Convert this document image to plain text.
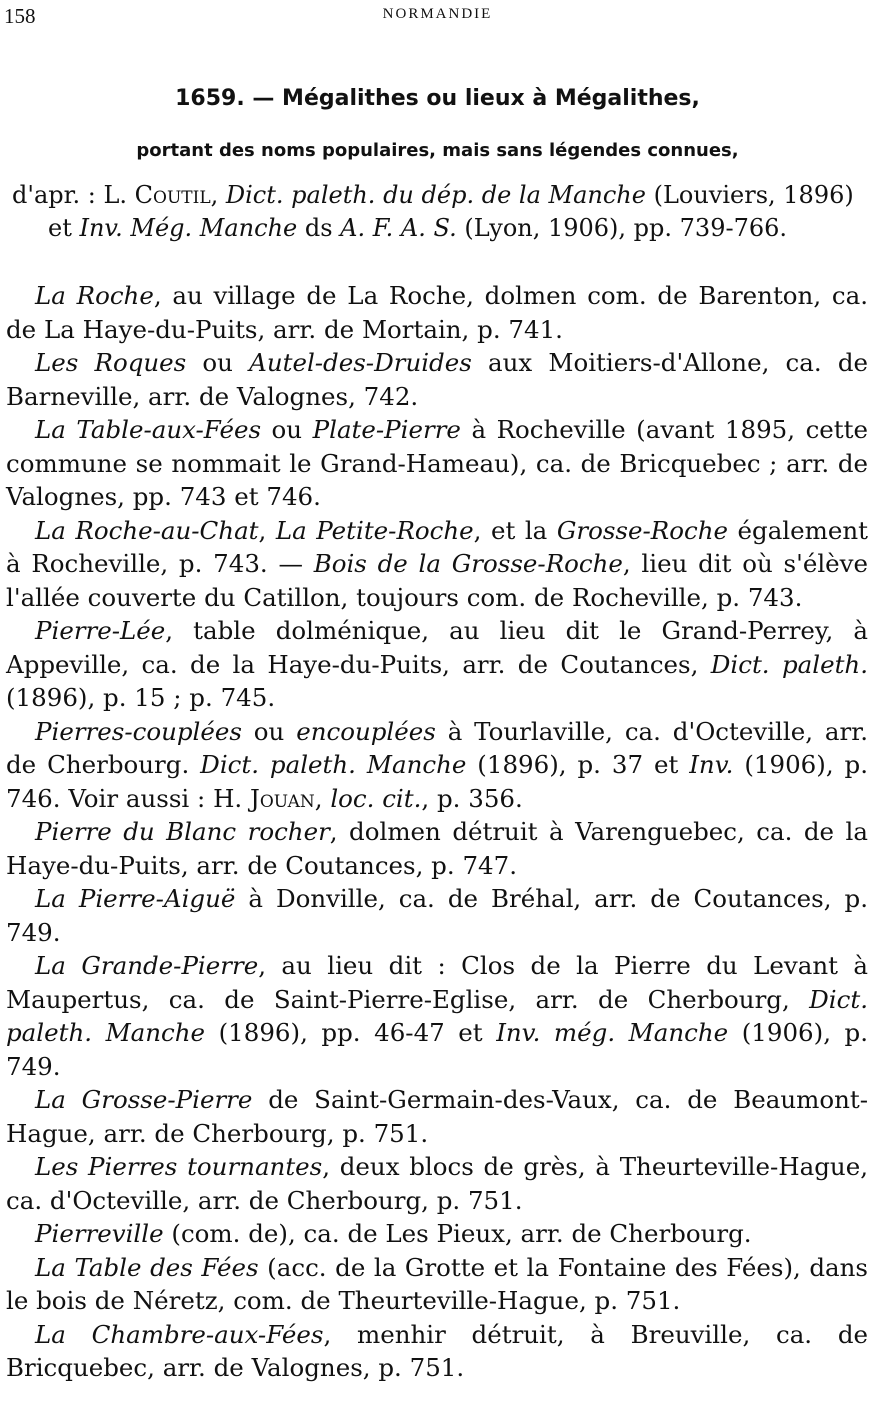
158	NORMANDIE
1659. — Mégalithes ou lieux à Mégalithes,
portant des noms populaires, mais sans légendes connues,
d'apr. : L. Coutil, Dict. paleth. du dép. de la Manche (Louviers, 1896)
et Inv. Még. Manche ds A. F. A. S. (Lyon, 1906), pp. 739-766.

La Roche, au village de La Roche, dolmen com. de Barenton, ca. de La Haye-du-Puits, arr. de Mortain, p. 741.

Les Roques ou Autel-des-Druides aux Moitiers-d'Allone, ca. de Barneville, arr. de Valognes, 742.

La Table-aux-Fées ou Plate-Pierre à Rocheville (avant 1895, cette commune se nommait le Grand-Hameau), ca. de Bricquebec ; arr. de Valognes, pp. 743 et 746.

La Roche-au-Chat, La Petite-Roche, et la Grosse-Roche également à Rocheville, p. 743. — Bois de la Grosse-Roche, lieu dit où s'élève l'allée couverte du Catillon, toujours com. de Rocheville, p. 743.

Pierre-Lée, table dolménique, au lieu dit le Grand-Perrey, à Appeville, ca. de la Haye-du-Puits, arr. de Coutances, Dict. paleth. (1896), p. 15 ; p. 745.

Pierres-couplées ou encouplées à Tourlaville, ca. d'Octeville, arr. de Cherbourg. Dict. paleth. Manche (1896), p. 37 et Inv. (1906), p. 746. Voir aussi : H. Jouan, loc. cit., p. 356.

Pierre du Blanc rocher, dolmen détruit à Varenguebec, ca. de la Haye-du-Puits, arr. de Coutances, p. 747.

La Pierre-Aiguë à Donville, ca. de Bréhal, arr. de Coutances, p. 749.

La Grande-Pierre, au lieu dit : Clos de la Pierre du Levant à Maupertus, ca. de Saint-Pierre-Eglise, arr. de Cherbourg, Dict. paleth. Manche (1896), pp. 46-47 et Inv. még. Manche (1906), p. 749.

La Grosse-Pierre de Saint-Germain-des-Vaux, ca. de Beaumont-Hague, arr. de Cherbourg, p. 751.

Les Pierres tournantes, deux blocs de grès, à Theurteville-Hague, ca. d'Octeville, arr. de Cherbourg, p. 751.

Pierreville (com. de), ca. de Les Pieux, arr. de Cherbourg.

La Table des Fées (acc. de la Grotte et la Fontaine des Fées), dans le bois de Néretz, com. de Theurteville-Hague, p. 751.

La Chambre-aux-Fées, menhir détruit, à Breuville, ca. de Bricquebec, arr. de Valognes, p. 751.
